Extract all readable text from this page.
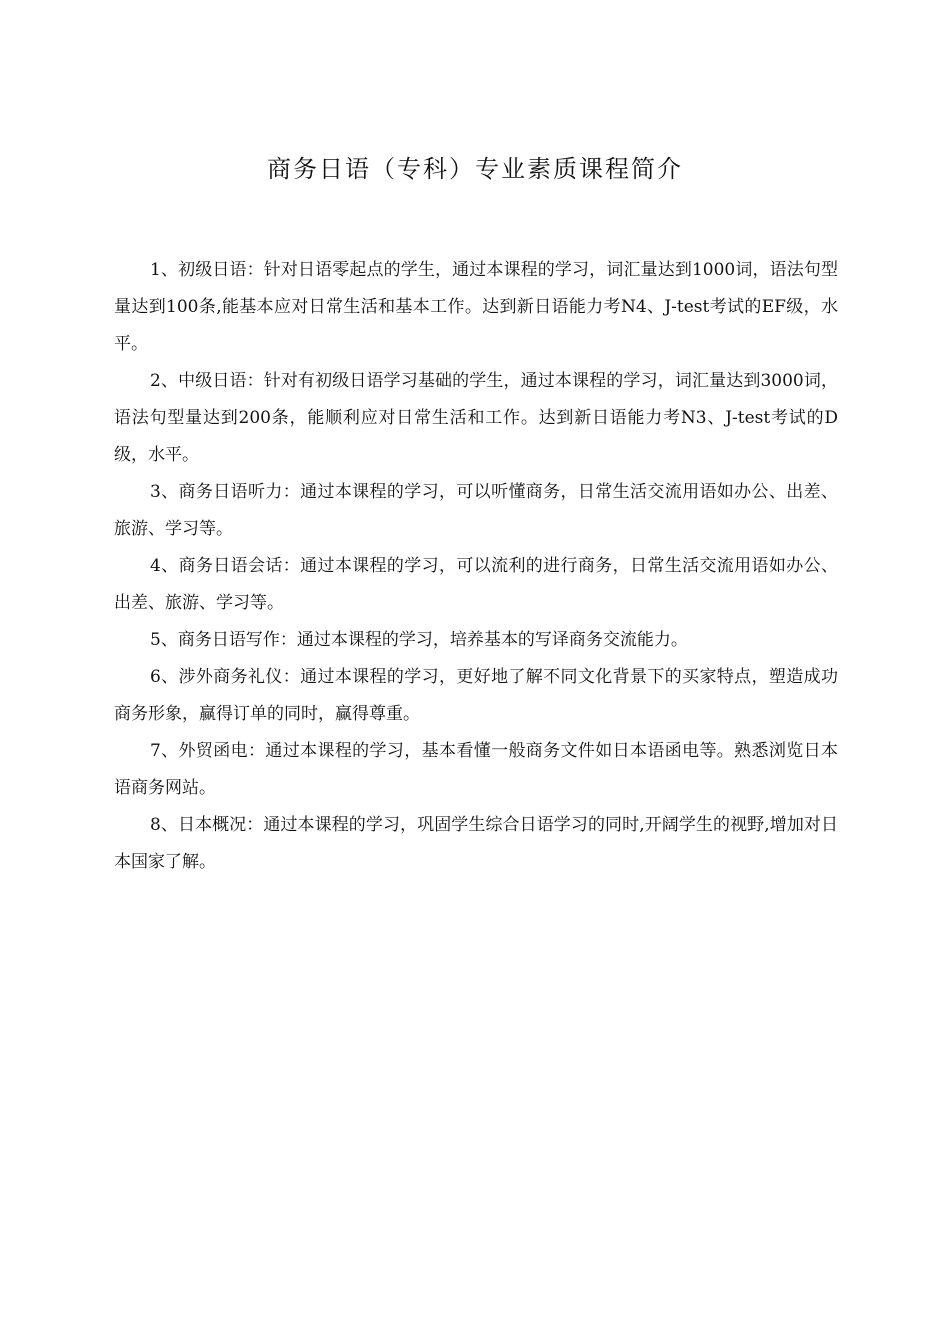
商务日语（专科）专业素质课程简介

1、初级日语：针对日语零起点的学生，通过本课程的学习，词汇量达到1000词，语法句型量达到100条,能基本应对日常生活和基本工作。达到新日语能力考N4、J-test考试的EF级，水平。

2、中级日语：针对有初级日语学习基础的学生，通过本课程的学习，词汇量达到3000词，语法句型量达到200条，能顺利应对日常生活和工作。达到新日语能力考N3、J-test考试的D级，水平。

3、商务日语听力：通过本课程的学习，可以听懂商务，日常生活交流用语如办公、出差、旅游、学习等。

4、商务日语会话：通过本课程的学习，可以流利的进行商务，日常生活交流用语如办公、出差、旅游、学习等。

5、商务日语写作：通过本课程的学习，培养基本的写译商务交流能力。

6、涉外商务礼仪：通过本课程的学习，更好地了解不同文化背景下的买家特点，塑造成功商务形象，赢得订单的同时，赢得尊重。

7、外贸函电：通过本课程的学习，基本看懂一般商务文件如日本语函电等。熟悉浏览日本语商务网站。

8、日本概况：通过本课程的学习，巩固学生综合日语学习的同时,开阔学生的视野,增加对日本国家了解。
